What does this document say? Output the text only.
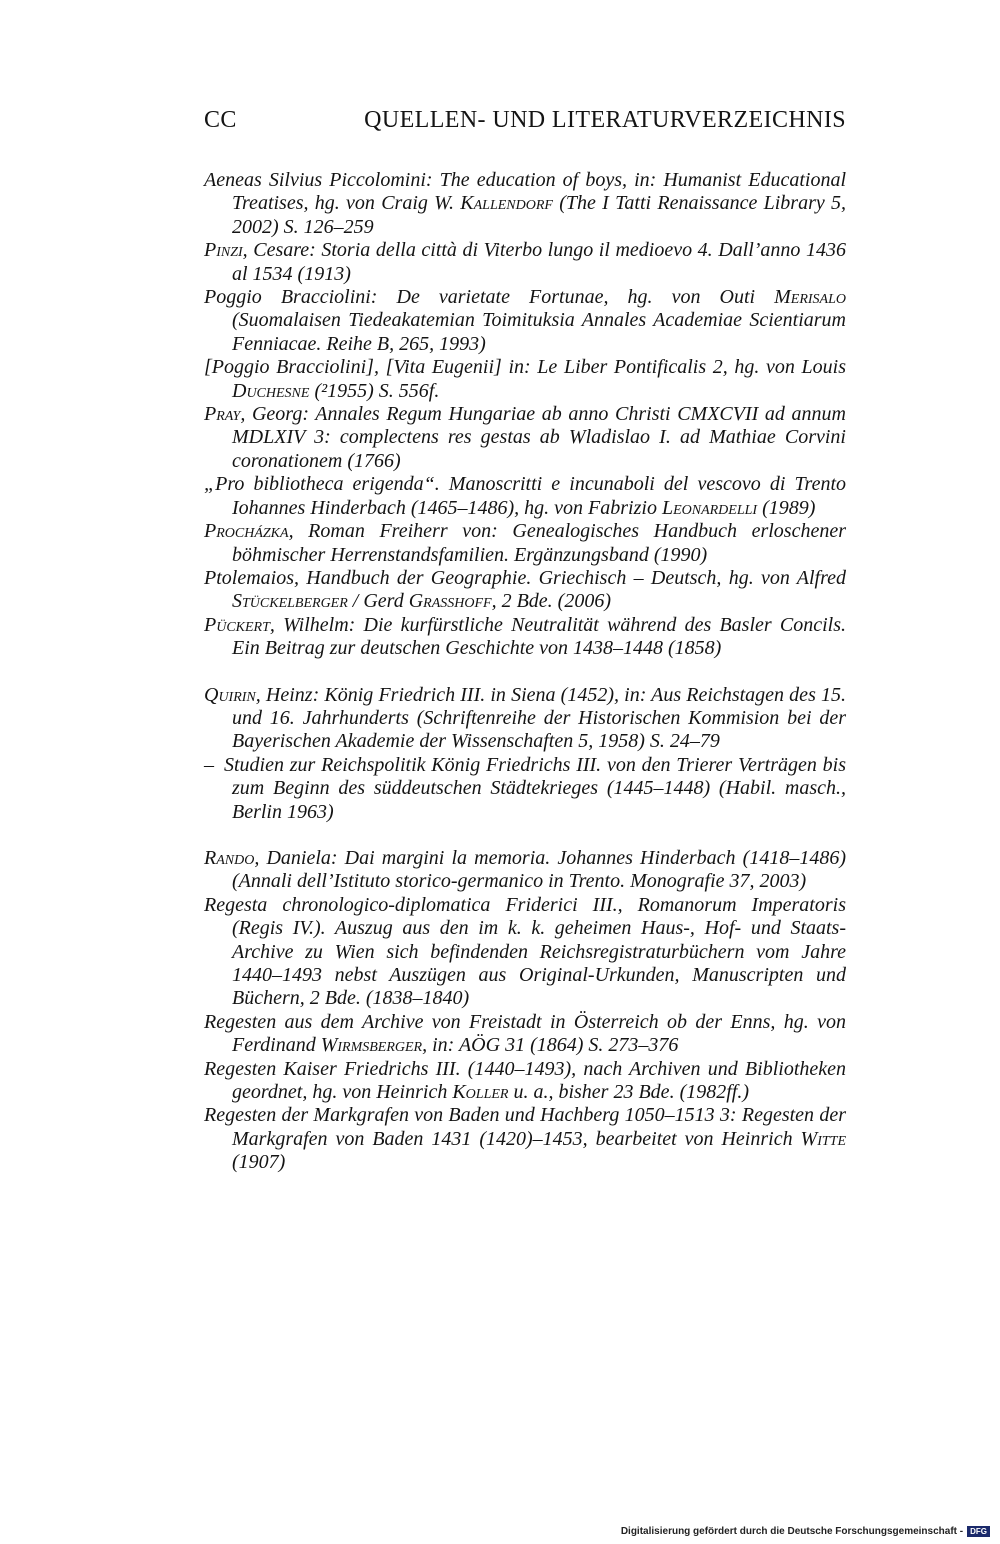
CC	QUELLEN- UND LITERATURVERZEICHNIS
Aeneas Silvius Piccolomini: The education of boys, in: Humanist Educational Treatises, hg. von Craig W. Kallendorf (The I Tatti Renaissance Library 5, 2002) S. 126–259
Pinzi, Cesare: Storia della città di Viterbo lungo il medioevo 4. Dall’anno 1436 al 1534 (1913)
Poggio Bracciolini: De varietate Fortunae, hg. von Outi Merisalo (Suomalaisen Tiedeakatemian Toimituksia Annales Academiae Scientiarum Fenniacae. Reihe B, 265, 1993)
[Poggio Bracciolini], [Vita Eugenii] in: Le Liber Pontificalis 2, hg. von Louis Duchesne (²1955) S. 556f.
Pray, Georg: Annales Regum Hungariae ab anno Christi CMXCVII ad annum MDLXIV 3: complectens res gestas ab Wladislao I. ad Mathiae Corvini coronationem (1766)
„Pro bibliotheca erigenda“. Manoscritti e incunaboli del vescovo di Trento Iohannes Hinderbach (1465–1486), hg. von Fabrizio Leonardelli (1989)
Procházka, Roman Freiherr von: Genealogisches Handbuch erloschener böhmischer Herrenstandsfamilien. Ergänzungsband (1990)
Ptolemaios, Handbuch der Geographie. Griechisch – Deutsch, hg. von Alfred Stückelberger / Gerd Grasshoff, 2 Bde. (2006)
Pückert, Wilhelm: Die kurfürstliche Neutralität während des Basler Concils. Ein Beitrag zur deutschen Geschichte von 1438–1448 (1858)
Quirin, Heinz: König Friedrich III. in Siena (1452), in: Aus Reichstagen des 15. und 16. Jahrhunderts (Schriftenreihe der Historischen Kommision bei der Bayerischen Akademie der Wissenschaften 5, 1958) S. 24–79
– Studien zur Reichspolitik König Friedrichs III. von den Trierer Verträgen bis zum Beginn des süddeutschen Städtekrieges (1445–1448) (Habil. masch., Berlin 1963)
Rando, Daniela: Dai margini la memoria. Johannes Hinderbach (1418–1486) (Annali dell’Istituto storico-germanico in Trento. Monografie 37, 2003)
Regesta chronologico-diplomatica Friderici III., Romanorum Imperatoris (Regis IV.). Auszug aus den im k. k. geheimen Haus-, Hof- und Staats-Archive zu Wien sich befindenden Reichsregistraturbüchern vom Jahre 1440–1493 nebst Auszügen aus Original-Urkunden, Manuscripten und Büchern, 2 Bde. (1838–1840)
Regesten aus dem Archive von Freistadt in Österreich ob der Enns, hg. von Ferdinand Wirmsberger, in: AÖG 31 (1864) S. 273–376
Regesten Kaiser Friedrichs III. (1440–1493), nach Archiven und Bibliotheken geordnet, hg. von Heinrich Koller u. a., bisher 23 Bde. (1982ff.)
Regesten der Markgrafen von Baden und Hachberg 1050–1513 3: Regesten der Markgrafen von Baden 1431 (1420)–1453, bearbeitet von Heinrich Witte (1907)
Digitalisierung gefördert durch die Deutsche Forschungsgemeinschaft - DFG
